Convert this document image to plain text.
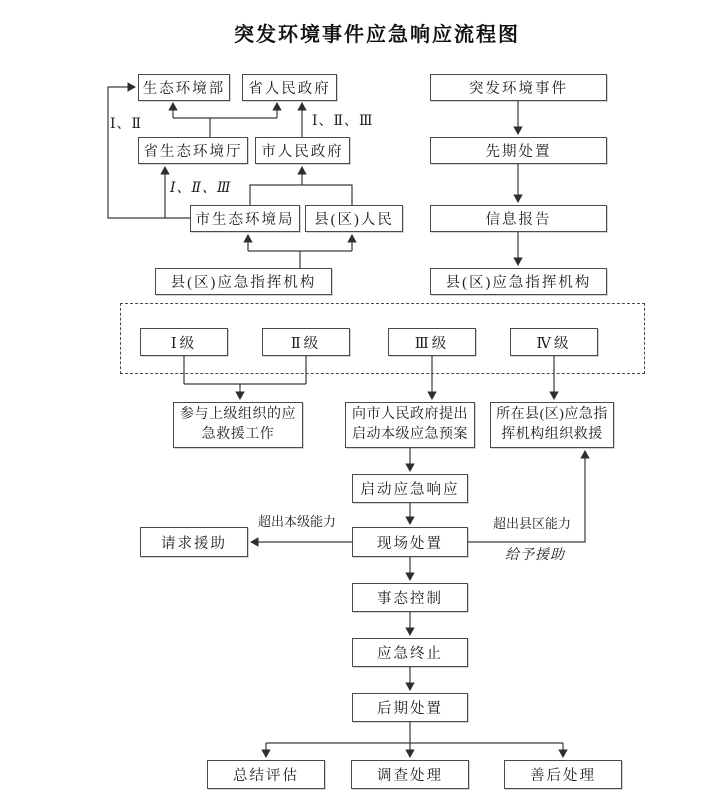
突发环境事件应急响应流程图
生态环境部	省人民政府
省生态环境厅	市人民政府
市生态环境局	县(区)人民
县(区)应急指挥机构
突发环境事件
先期处置
信息报告
县(区)应急指挥机构
Ⅰ级	Ⅱ级	Ⅲ级	Ⅳ级
参与上级组织的应急救援工作
向市人民政府提出启动本级应急预案
所在县(区)应急指挥机构组织救援
启动应急响应
请求援助	现场处置
事态控制
应急终止
后期处置
总结评估	调查处理	善后处理
Ⅰ、Ⅱ	Ⅰ、Ⅱ、Ⅲ
Ⅰ、Ⅱ、Ⅲ
超出本级能力	超出县区能力
给予援助
